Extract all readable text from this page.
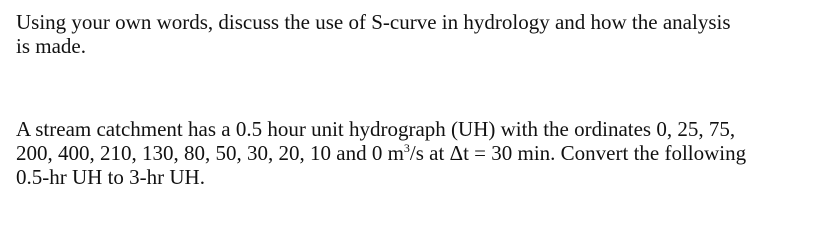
Using your own words, discuss the use of S-curve in hydrology and how the analysis
is made.

A stream catchment has a 0.5 hour unit hydrograph (UH) with the ordinates 0, 25, 75,
200, 400, 210, 130, 80, 50, 30, 20, 10 and 0 $m^3/s$ at Δt = 30 min. Convert the following
0.5-hr UH to 3-hr UH.
